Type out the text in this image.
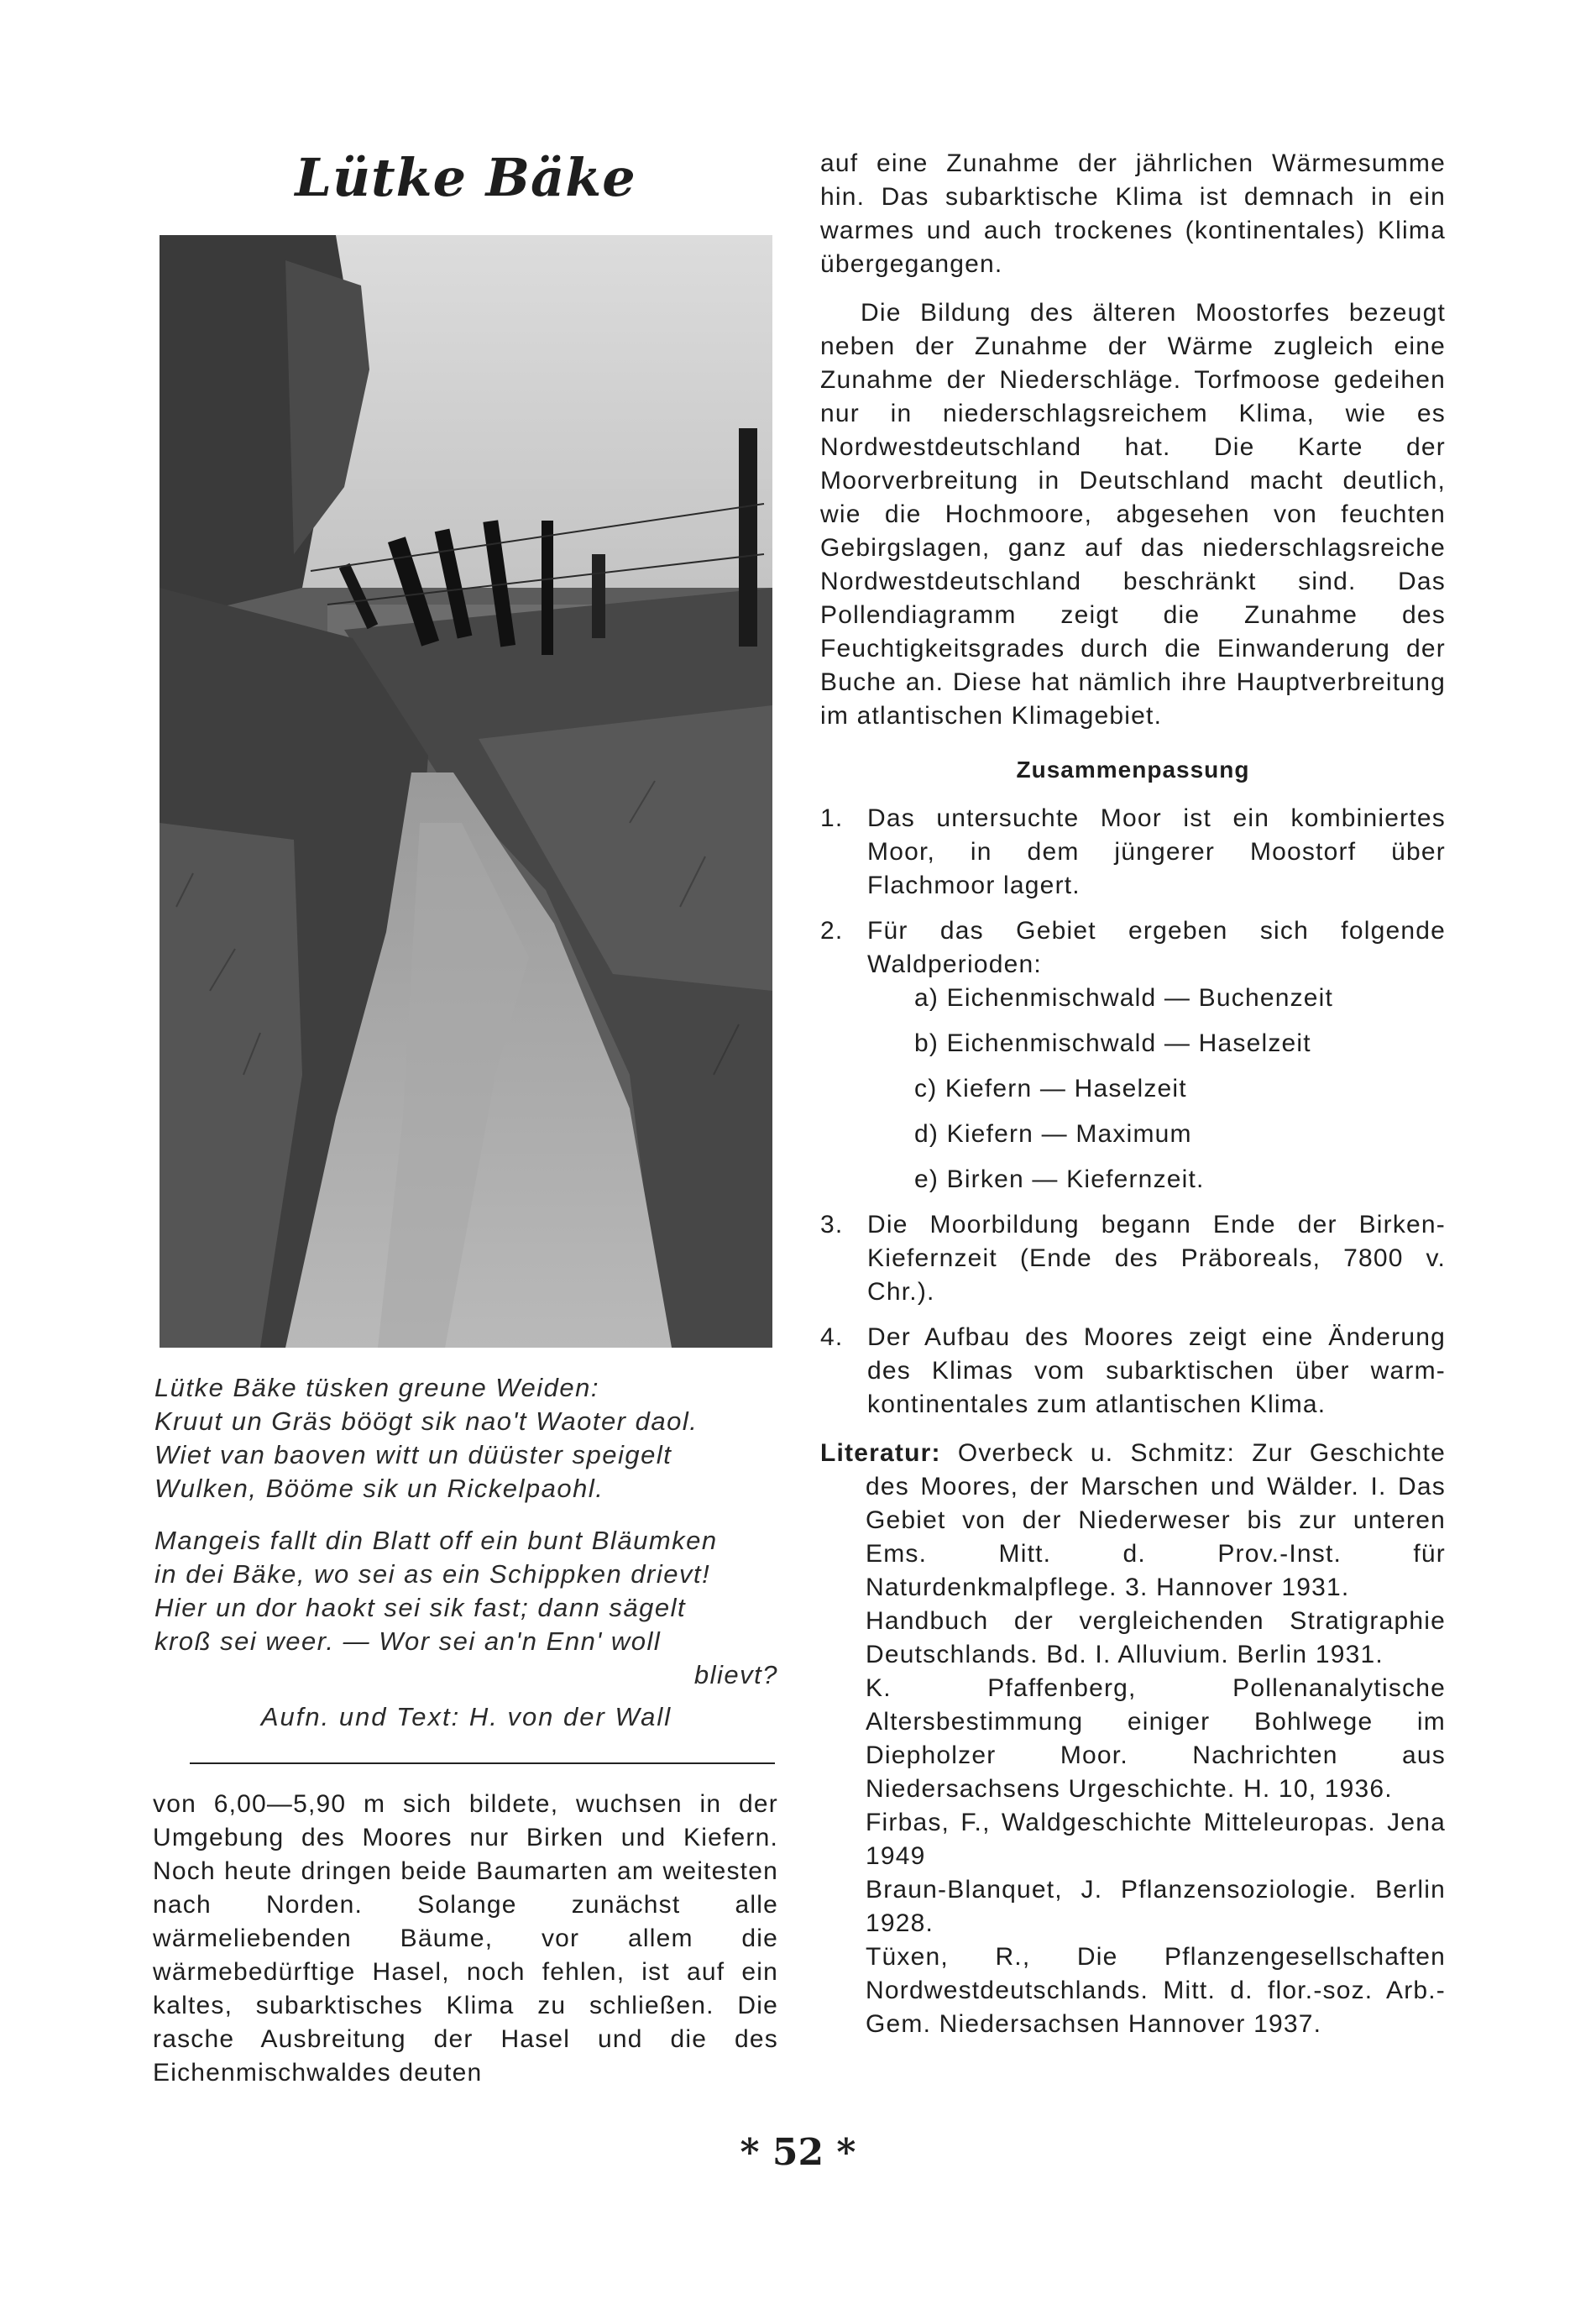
Lütke Bäke

Lütke Bäke tüsken greune Weiden:
Kruut un Gräs böögt sik nao't Waoter daol.
Wiet van baoven witt un düüster speigelt
Wulken, Bööme sik un Rickelpaohl.

Mangeis fallt din Blatt off ein bunt Bläumken
in dei Bäke, wo sei as ein Schippken drievt!
Hier un dor haokt sei sik fast; dann sägelt
kroß sei weer. — Wor sei an'n Enn' woll
blievt?

Aufn. und Text: H. von der Wall

von 6,00—5,90 m sich bildete, wuchsen in der Umgebung des Moores nur Birken und Kiefern. Noch heute dringen beide Baumarten am weitesten nach Norden. Solange zunächst alle wärmeliebenden Bäume, vor allem die wärmebedürftige Hasel, noch fehlen, ist auf ein kaltes, subarktisches Klima zu schließen. Die rasche Ausbreitung der Hasel und die des Eichenmischwaldes deuten

auf eine Zunahme der jährlichen Wärmesumme hin. Das subarktische Klima ist demnach in ein warmes und auch trockenes (kontinentales) Klima übergegangen.

Die Bildung des älteren Moostorfes bezeugt neben der Zunahme der Wärme zugleich eine Zunahme der Niederschläge. Torfmoose gedeihen nur in niederschlagsreichem Klima, wie es Nordwestdeutschland hat. Die Karte der Moorverbreitung in Deutschland macht deutlich, wie die Hochmoore, abgesehen von feuchten Gebirgslagen, ganz auf das niederschlagsreiche Nordwestdeutschland beschränkt sind. Das Pollendiagramm zeigt die Zunahme des Feuchtigkeitsgrades durch die Einwanderung der Buche an. Diese hat nämlich ihre Hauptverbreitung im atlantischen Klimagebiet.

Zusammenpassung
1. Das untersuchte Moor ist ein kombiniertes Moor, in dem jüngerer Moostorf über Flachmoor lagert.
2. Für das Gebiet ergeben sich folgende Waldperioden:
a) Eichenmischwald — Buchenzeit
b) Eichenmischwald — Haselzeit
c) Kiefern — Haselzeit
d) Kiefern — Maximum
e) Birken — Kiefernzeit.
3. Die Moorbildung begann Ende der Birken-Kiefernzeit (Ende des Präboreals, 7800 v. Chr.).
4. Der Aufbau des Moores zeigt eine Änderung des Klimas vom subarktischen über warm-kontinentales zum atlantischen Klima.

Literatur: Overbeck u. Schmitz: Zur Geschichte des Moores, der Marschen und Wälder. I. Das Gebiet von der Niederweser bis zur unteren Ems. Mitt. d. Prov.-Inst. für Naturdenkmalpflege. 3. Hannover 1931.

Handbuch der vergleichenden Stratigraphie Deutschlands. Bd. I. Alluvium. Berlin 1931.

K. Pfaffenberg, Pollenanalytische Altersbestimmung einiger Bohlwege im Diepholzer Moor. Nachrichten aus Niedersachsens Urgeschichte. H. 10, 1936.

Firbas, F., Waldgeschichte Mitteleuropas. Jena 1949

Braun-Blanquet, J. Pflanzensoziologie. Berlin 1928.

Tüxen, R., Die Pflanzengesellschaften Nordwestdeutschlands. Mitt. d. flor.-soz. Arb.-Gem. Niedersachsen Hannover 1937.

* 52 *
